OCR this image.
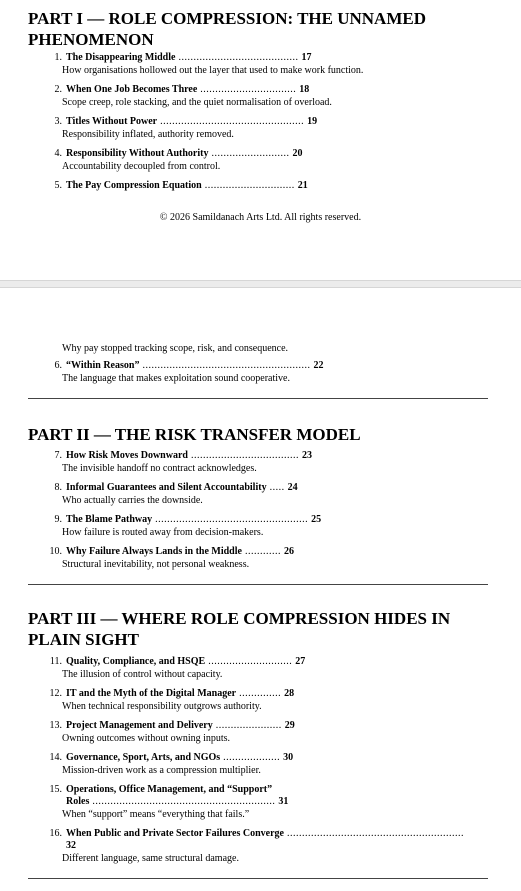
PART I — ROLE COMPRESSION: THE UNNAMED
PHENOMENON
1. The Disappearing Middle ........................................ 17
How organisations hollowed out the layer that used to make work function.
2. When One Job Becomes Three ................................ 18
Scope creep, role stacking, and the quiet normalisation of overload.
3. Titles Without Power ................................................ 19
Responsibility inflated, authority removed.
4. Responsibility Without Authority .......................... 20
Accountability decoupled from control.
5. The Pay Compression Equation .............................. 21
© 2026 Samildanach Arts Ltd. All rights reserved.
Why pay stopped tracking scope, risk, and consequence.
6. “Within Reason” ........................................................ 22
The language that makes exploitation sound cooperative.
PART II — THE RISK TRANSFER MODEL
7. How Risk Moves Downward .................................... 23
The invisible handoff no contract acknowledges.
8. Informal Guarantees and Silent Accountability ..... 24
Who actually carries the downside.
9. The Blame Pathway ................................................... 25
How failure is routed away from decision-makers.
10. Why Failure Always Lands in the Middle ............ 26
Structural inevitability, not personal weakness.
PART III — WHERE ROLE COMPRESSION HIDES IN
PLAIN SIGHT
11. Quality, Compliance, and HSQE ............................ 27
The illusion of control without capacity.
12. IT and the Myth of the Digital Manager .............. 28
When technical responsibility outgrows authority.
13. Project Management and Delivery ...................... 29
Owning outcomes without owning inputs.
14. Governance, Sport, Arts, and NGOs ................... 30
Mission-driven work as a compression multiplier.
15. Operations, Office Management, and “Support”
Roles ............................................................. 31
When “support” means “everything that fails.”
16. When Public and Private Sector Failures Converge ...........................................................
32
Different language, same structural damage.
